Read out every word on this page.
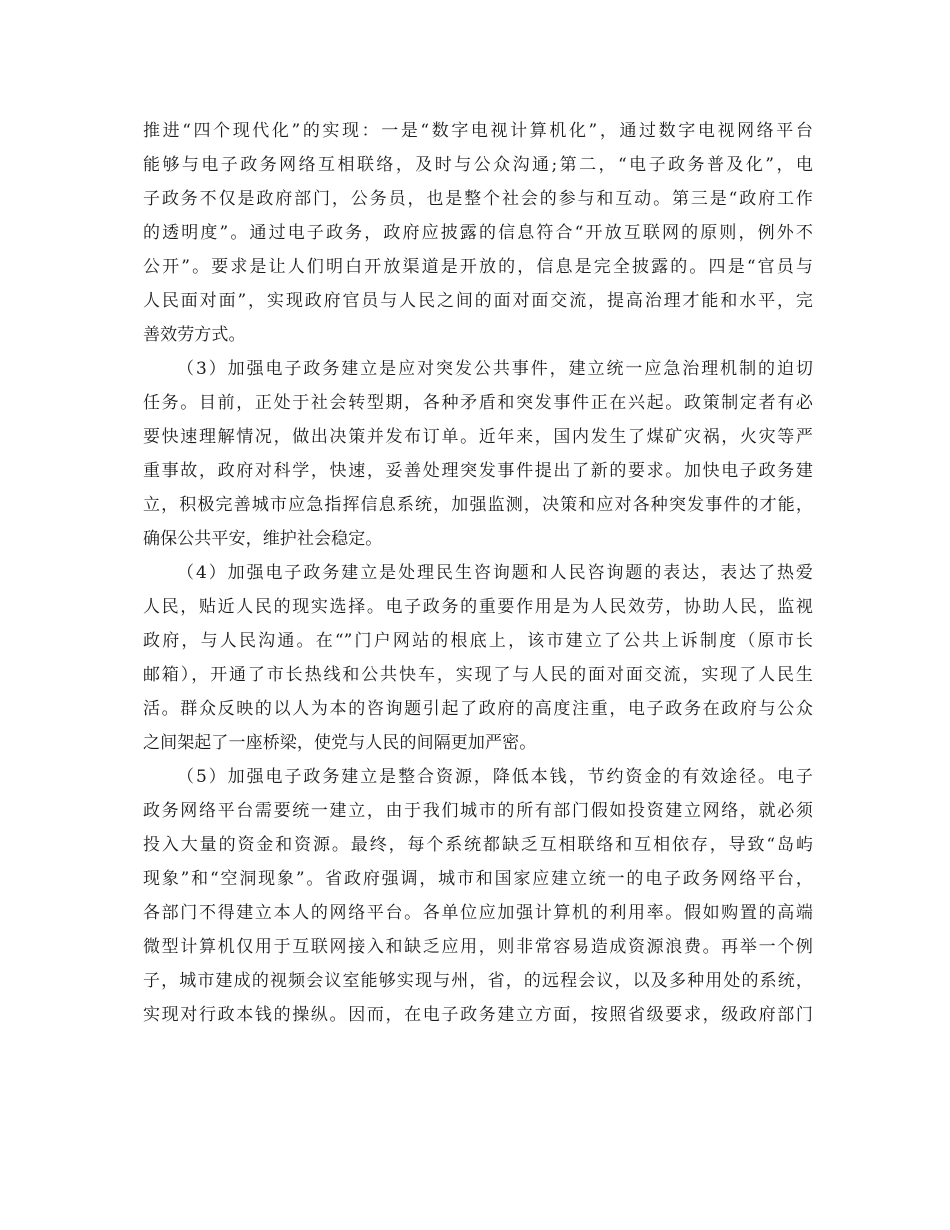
推进“四个现代化”的实现：一是“数字电视计算机化”，通过数字电视网络平台
能够与电子政务网络互相联络，及时与公众沟通;第二，“电子政务普及化”，电
子政务不仅是政府部门，公务员，也是整个社会的参与和互动。第三是“政府工作
的透明度”。通过电子政务，政府应披露的信息符合“开放互联网的原则，例外不
公开”。要求是让人们明白开放渠道是开放的，信息是完全披露的。四是“官员与
人民面对面”，实现政府官员与人民之间的面对面交流，提高治理才能和水平，完
善效劳方式。
（3）加强电子政务建立是应对突发公共事件，建立统一应急治理机制的迫切
任务。目前，正处于社会转型期，各种矛盾和突发事件正在兴起。政策制定者有必
要快速理解情况，做出决策并发布订单。近年来，国内发生了煤矿灾祸，火灾等严
重事故，政府对科学，快速，妥善处理突发事件提出了新的要求。加快电子政务建
立，积极完善城市应急指挥信息系统，加强监测，决策和应对各种突发事件的才能，
确保公共平安，维护社会稳定。
（4）加强电子政务建立是处理民生咨询题和人民咨询题的表达，表达了热爱
人民，贴近人民的现实选择。电子政务的重要作用是为人民效劳，协助人民，监视
政府，与人民沟通。在“”门户网站的根底上，该市建立了公共上诉制度（原市长
邮箱），开通了市长热线和公共快车，实现了与人民的面对面交流，实现了人民生
活。群众反映的以人为本的咨询题引起了政府的高度注重，电子政务在政府与公众
之间架起了一座桥梁，使党与人民的间隔更加严密。
（5）加强电子政务建立是整合资源，降低本钱，节约资金的有效途径。电子
政务网络平台需要统一建立，由于我们城市的所有部门假如投资建立网络，就必须
投入大量的资金和资源。最终，每个系统都缺乏互相联络和互相依存，导致“岛屿
现象”和“空洞现象”。省政府强调，城市和国家应建立统一的电子政务网络平台，
各部门不得建立本人的网络平台。各单位应加强计算机的利用率。假如购置的高端
微型计算机仅用于互联网接入和缺乏应用，则非常容易造成资源浪费。再举一个例
子，城市建成的视频会议室能够实现与州，省，的远程会议，以及多种用处的系统，
实现对行政本钱的操纵。因而，在电子政务建立方面，按照省级要求，级政府部门
